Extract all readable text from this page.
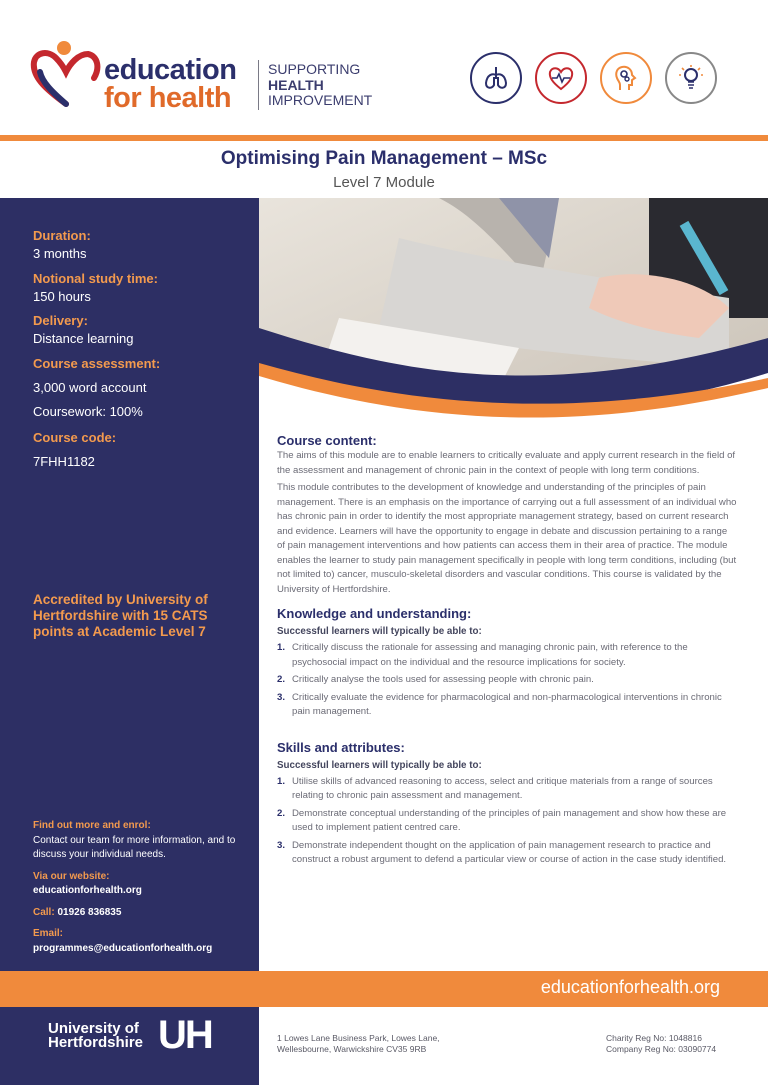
education
for health
SUPPORTING
HEALTH
IMPROVEMENT
Optimising Pain Management – MSc
Level 7 Module
Duration:
3 months
Notional study time:
150 hours
Delivery:
Distance learning
Course assessment:
3,000 word account
Coursework: 100%
Course code:
7FHH1182
Accredited by University of Hertfordshire with 15 CATS points at Academic Level 7
Find out more and enrol:
Contact our team for more information, and to discuss your individual needs.
Via our website:
educationforhealth.org
Call: 01926 836835
Email:
programmes@educationforhealth.org
Course content:
The aims of this module are to enable learners to critically evaluate and apply current research in the field of the assessment and management of chronic pain in the context of people with long term conditions.
This module contributes to the development of knowledge and understanding of the principles of pain management. There is an emphasis on the importance of carrying out a full assessment of an individual who has chronic pain in order to identify the most appropriate management strategy, based on current research and evidence. Learners will have the opportunity to engage in debate and discussion pertaining to a range of pain management interventions and how patients can access them in their area of practice. The module enables the learner to study pain management specifically in people with long term conditions, including (but not limited to) cancer, musculo-skeletal disorders and vascular conditions. This course is validated by the University of Hertfordshire.
Knowledge and understanding:
Successful learners will typically be able to:
1. Critically discuss the rationale for assessing and managing chronic pain, with reference to the psychosocial impact on the individual and the resource implications for society.
2. Critically analyse the tools used for assessing people with chronic pain.
3. Critically evaluate the evidence for pharmacological and non-pharmacological interventions in chronic pain management.
Skills and attributes:
Successful learners will typically be able to:
1. Utilise skills of advanced reasoning to access, select and critique materials from a range of sources relating to chronic pain assessment and management.
2. Demonstrate conceptual understanding of the principles of pain management and show how these are used to implement patient centred care.
3. Demonstrate independent thought on the application of pain management research to practice and construct a robust argument to defend a particular view or course of action in the case study identified.
educationforhealth.org
University of
Hertfordshire UH	1 Lowes Lane Business Park, Lowes Lane,
Wellesbourne, Warwickshire CV35 9RB
Charity Reg No: 1048816
Company Reg No: 03090774
